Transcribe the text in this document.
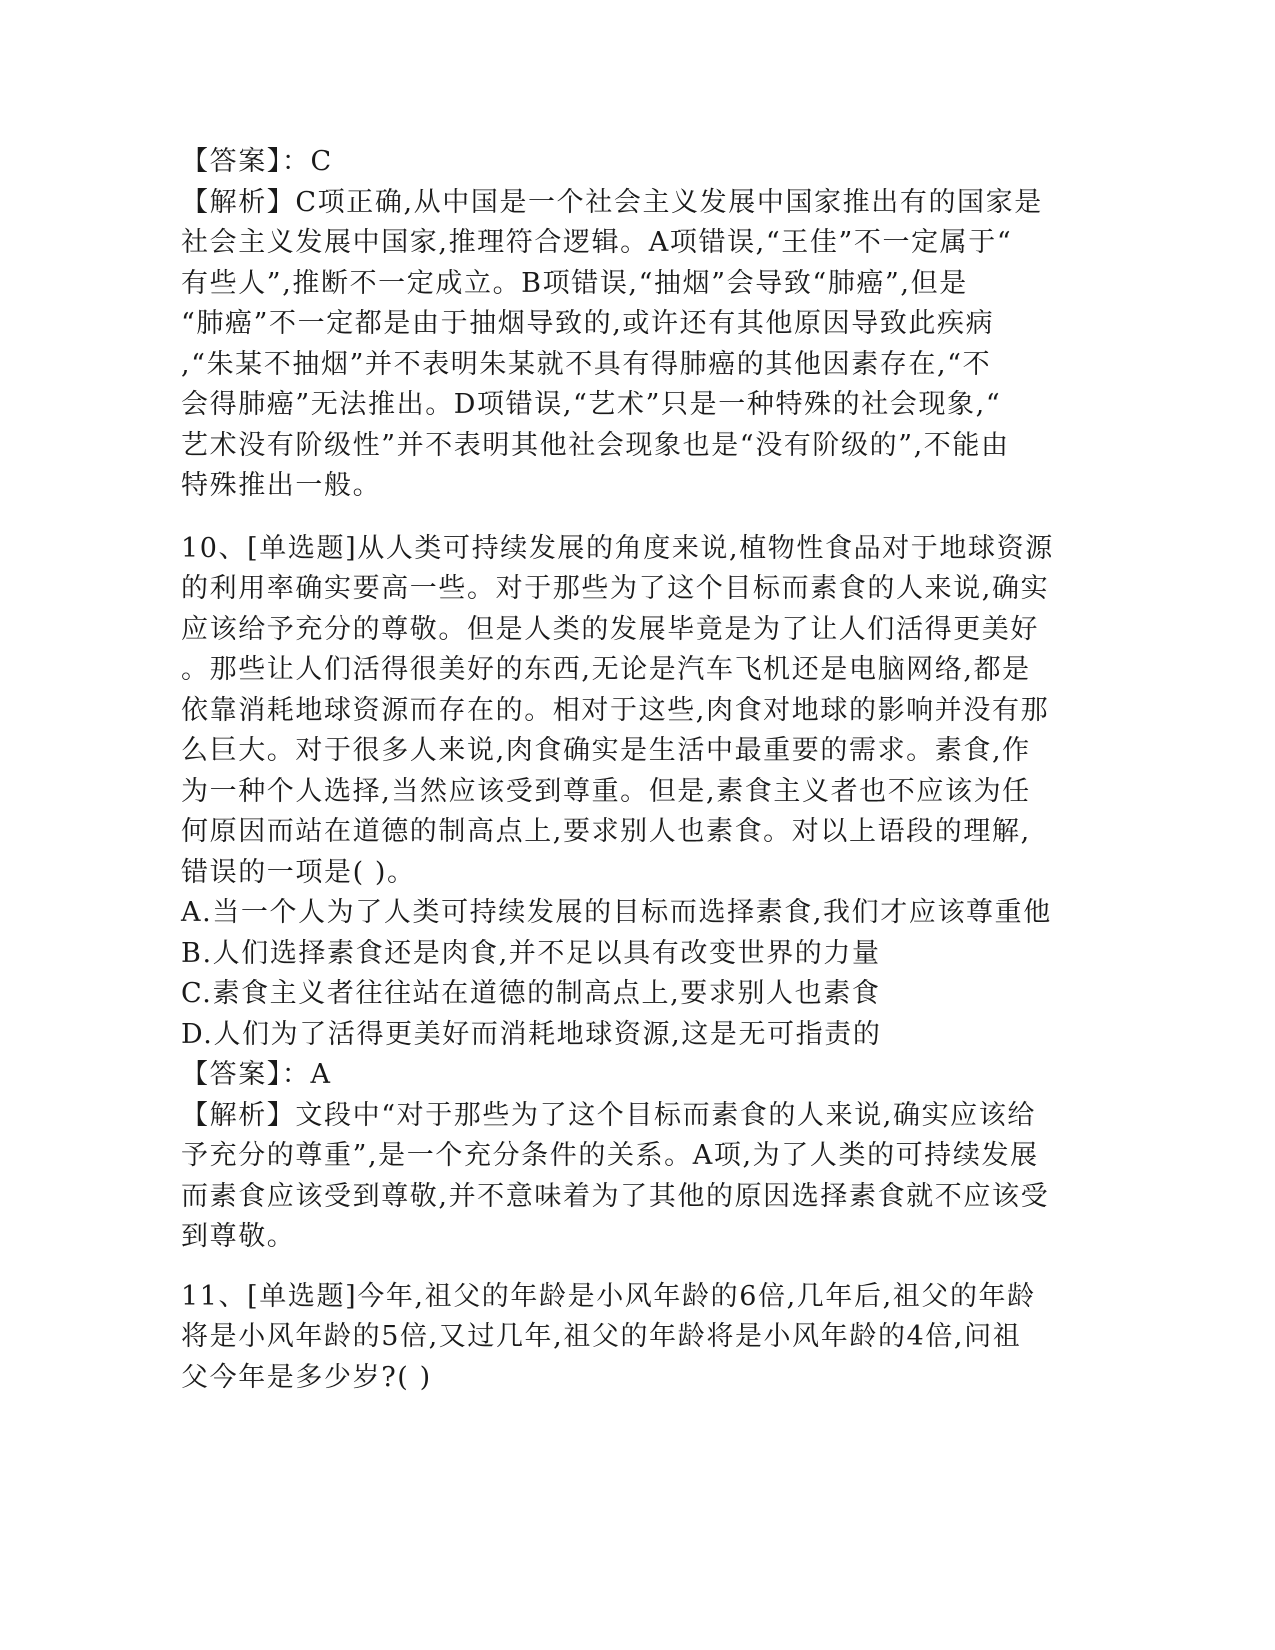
【答案】：C
【解析】C项正确,从中国是一个社会主义发展中国家推出有的国家是
社会主义发展中国家,推理符合逻辑。A项错误,“王佳”不一定属于“
有些人”,推断不一定成立。B项错误,“抽烟”会导致“肺癌”,但是
“肺癌”不一定都是由于抽烟导致的,或许还有其他原因导致此疾病
,“朱某不抽烟”并不表明朱某就不具有得肺癌的其他因素存在,“不
会得肺癌”无法推出。D项错误,“艺术”只是一种特殊的社会现象,“
艺术没有阶级性”并不表明其他社会现象也是“没有阶级的”,不能由
特殊推出一般。
10、[单选题]从人类可持续发展的角度来说,植物性食品对于地球资源
的利用率确实要高一些。对于那些为了这个目标而素食的人来说,确实
应该给予充分的尊敬。但是人类的发展毕竟是为了让人们活得更美好
。那些让人们活得很美好的东西,无论是汽车飞机还是电脑网络,都是
依靠消耗地球资源而存在的。相对于这些,肉食对地球的影响并没有那
么巨大。对于很多人来说,肉食确实是生活中最重要的需求。素食,作
为一种个人选择,当然应该受到尊重。但是,素食主义者也不应该为任
何原因而站在道德的制高点上,要求别人也素食。对以上语段的理解,
错误的一项是( )。
A.当一个人为了人类可持续发展的目标而选择素食,我们才应该尊重他
B.人们选择素食还是肉食,并不足以具有改变世界的力量
C.素食主义者往往站在道德的制高点上,要求别人也素食
D.人们为了活得更美好而消耗地球资源,这是无可指责的
【答案】：A
【解析】文段中“对于那些为了这个目标而素食的人来说,确实应该给
予充分的尊重”,是一个充分条件的关系。A项,为了人类的可持续发展
而素食应该受到尊敬,并不意味着为了其他的原因选择素食就不应该受
到尊敬。
11、[单选题]今年,祖父的年龄是小风年龄的6倍,几年后,祖父的年龄
将是小风年龄的5倍,又过几年,祖父的年龄将是小风年龄的4倍,问祖
父今年是多少岁?( )
